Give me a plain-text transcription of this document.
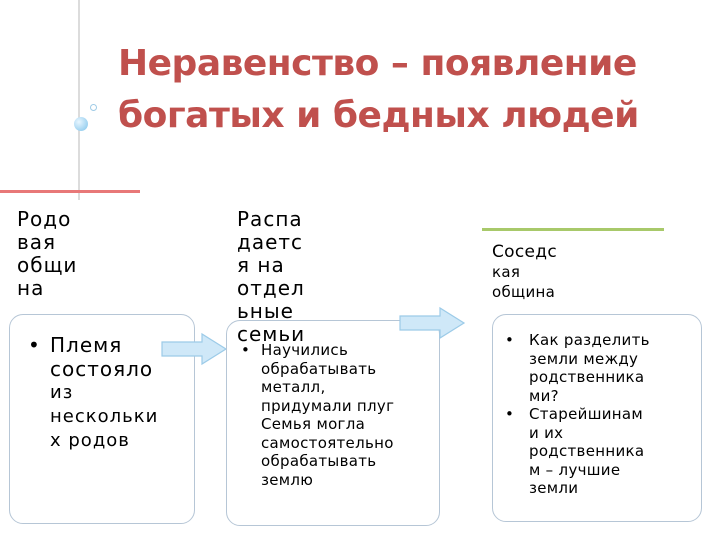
Неравенство – появление
богатых и бедных людей
Родо
вая
общи
на
• Племя
состояло
из
нескольки
х родов
Распа
даетс
я на
отдел
ьные
семьи
• Научились
обрабатывать
металл,
придумали плуг
Семья могла
самостоятельно
обрабатывать
землю
Соседс
кая
община
• Как разделить
земли между
родственника
ми?
• Старейшинам
и их
родственника
м – лучшие
земли
